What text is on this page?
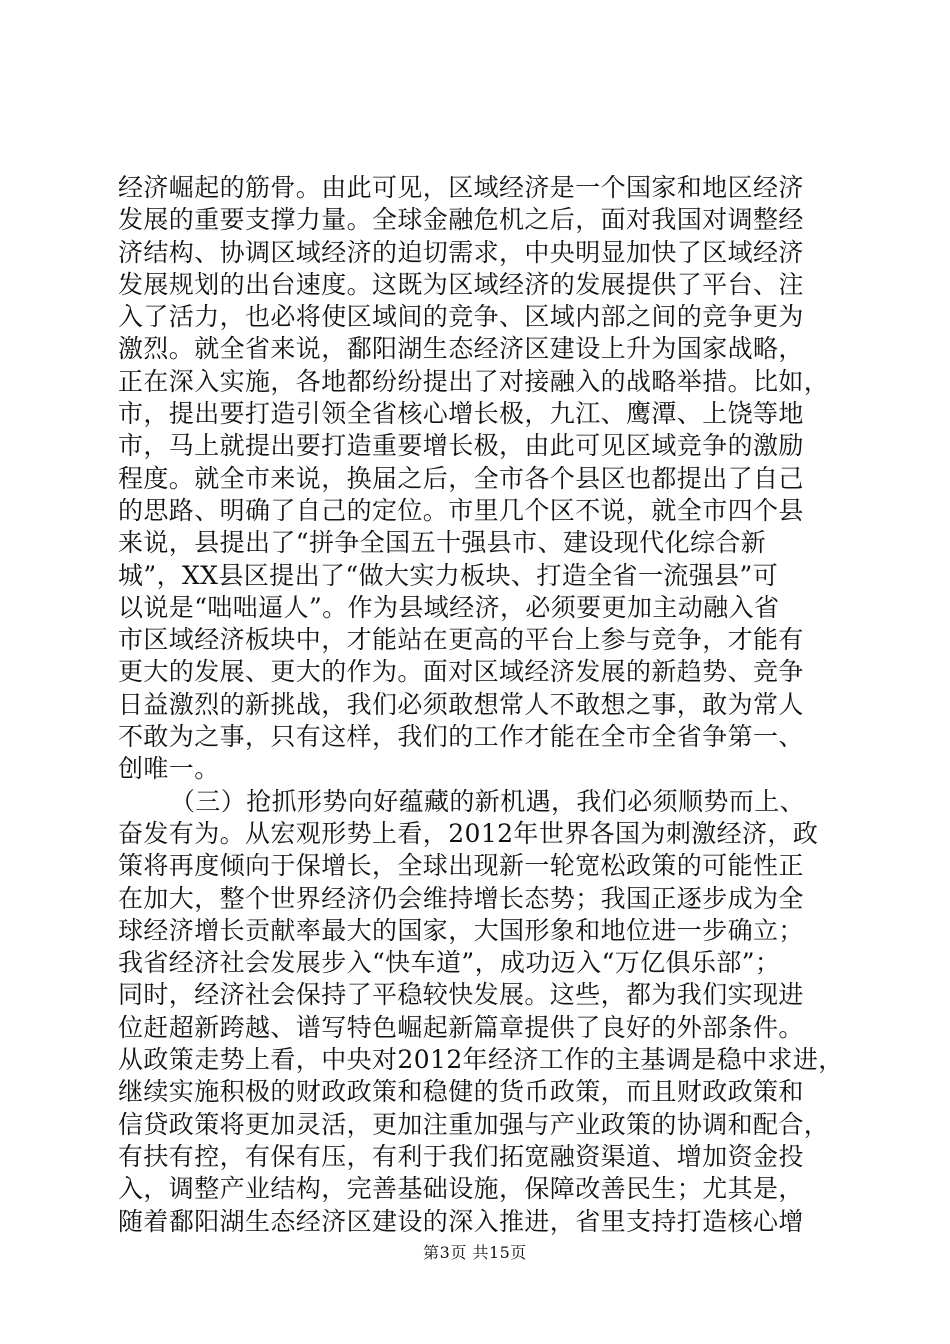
经济崛起的筋骨。由此可见，区域经济是一个国家和地区经济
发展的重要支撑力量。全球金融危机之后，面对我国对调整经
济结构、协调区域经济的迫切需求，中央明显加快了区域经济
发展规划的出台速度。这既为区域经济的发展提供了平台、注
入了活力，也必将使区域间的竞争、区域内部之间的竞争更为
激烈。就全省来说，鄱阳湖生态经济区建设上升为国家战略，
正在深入实施，各地都纷纷提出了对接融入的战略举措。比如，
市，提出要打造引领全省核心增长极，九江、鹰潭、上饶等地
市，马上就提出要打造重要增长极，由此可见区域竞争的激励
程度。就全市来说，换届之后，全市各个县区也都提出了自己
的思路、明确了自己的定位。市里几个区不说，就全市四个县
来说，县提出了“拼争全国五十强县市、建设现代化综合新
城”，XX县区提出了“做大实力板块、打造全省一流强县”可
以说是“咄咄逼人”。作为县域经济，必须要更加主动融入省
市区域经济板块中，才能站在更高的平台上参与竞争，才能有
更大的发展、更大的作为。面对区域经济发展的新趋势、竞争
日益激烈的新挑战，我们必须敢想常人不敢想之事，敢为常人
不敢为之事，只有这样，我们的工作才能在全市全省争第一、
创唯一。
（三）抢抓形势向好蕴藏的新机遇，我们必须顺势而上、
奋发有为。从宏观形势上看，2012年世界各国为刺激经济，政
策将再度倾向于保增长，全球出现新一轮宽松政策的可能性正
在加大，整个世界经济仍会维持增长态势；我国正逐步成为全
球经济增长贡献率最大的国家，大国形象和地位进一步确立；
我省经济社会发展步入“快车道”，成功迈入“万亿俱乐部”；
同时，经济社会保持了平稳较快发展。这些，都为我们实现进
位赶超新跨越、谱写特色崛起新篇章提供了良好的外部条件。
从政策走势上看，中央对2012年经济工作的主基调是稳中求进，
继续实施积极的财政政策和稳健的货币政策，而且财政政策和
信贷政策将更加灵活，更加注重加强与产业政策的协调和配合，
有扶有控，有保有压，有利于我们拓宽融资渠道、增加资金投
入，调整产业结构，完善基础设施，保障改善民生；尤其是，
随着鄱阳湖生态经济区建设的深入推进，省里支持打造核心增
第3页 共15页
